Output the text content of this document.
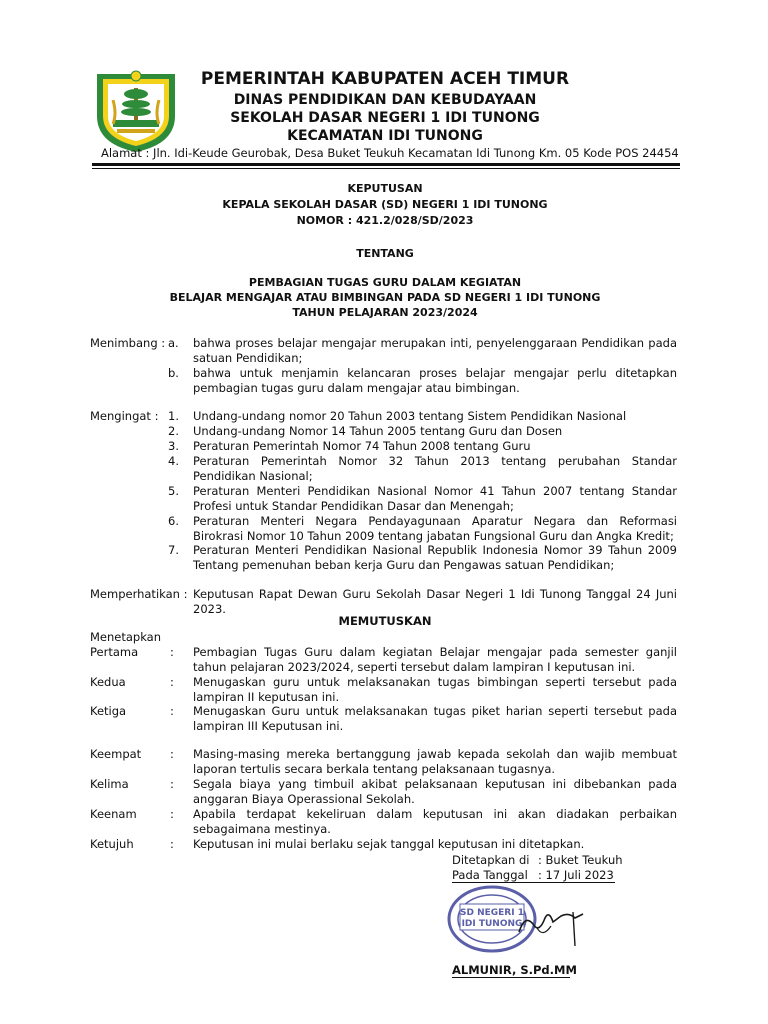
PEMERINTAH KABUPATEN ACEH TIMUR
DINAS PENDIDIKAN DAN KEBUDAYAAN
SEKOLAH DASAR NEGERI 1 IDI TUNONG
KECAMATAN IDI TUNONG
Alamat : Jln. Idi-Keude Geurobak, Desa Buket Teukuh Kecamatan Idi Tunong Km. 05 Kode POS 24454
KEPUTUSAN
KEPALA SEKOLAH DASAR (SD) NEGERI 1 IDI TUNONG
NOMOR : 421.2/028/SD/2023
TENTANG
PEMBAGIAN TUGAS GURU DALAM KEGIATAN
BELAJAR MENGAJAR ATAU BIMBINGAN PADA SD NEGERI 1 IDI TUNONG
TAHUN PELAJARAN 2023/2024
Menimbang : a. bahwa proses belajar mengajar merupakan inti, penyelenggaraan Pendidikan pada satuan Pendidikan;
b. bahwa untuk menjamin kelancaran proses belajar mengajar perlu ditetapkan pembagian tugas guru dalam mengajar atau bimbingan.
Mengingat : 1. Undang-undang nomor 20 Tahun 2003 tentang Sistem Pendidikan Nasional
2. Undang-undang Nomor 14 Tahun 2005 tentang Guru dan Dosen
3. Peraturan Pemerintah Nomor 74 Tahun 2008 tentang Guru
4. Peraturan Pemerintah Nomor 32 Tahun 2013 tentang perubahan Standar Pendidikan Nasional;
5. Peraturan Menteri Pendidikan Nasional Nomor 41 Tahun 2007 tentang Standar Profesi untuk Standar Pendidikan Dasar dan Menengah;
6. Peraturan Menteri Negara Pendayagunaan Aparatur Negara dan Reformasi Birokrasi Nomor 10 Tahun 2009 tentang jabatan Fungsional Guru dan Angka Kredit;
7. Peraturan Menteri Pendidikan Nasional Republik Indonesia Nomor 39 Tahun 2009 Tentang pemenuhan beban kerja Guru dan Pengawas satuan Pendidikan;
Memperhatikan : Keputusan Rapat Dewan Guru Sekolah Dasar Negeri 1 Idi Tunong Tanggal 24 Juni 2023.
MEMUTUSKAN
Menetapkan
Pertama	: Pembagian Tugas Guru dalam kegiatan Belajar mengajar pada semester ganjil tahun pelajaran 2023/2024, seperti tersebut dalam lampiran I keputusan ini.
Kedua	: Menugaskan guru untuk melaksanakan tugas bimbingan seperti tersebut pada lampiran II keputusan ini.
Ketiga	: Menugaskan Guru untuk melaksanakan tugas piket harian seperti tersebut pada lampiran III Keputusan ini.
Keempat	: Masing-masing mereka bertanggung jawab kepada sekolah dan wajib membuat laporan tertulis secara berkala tentang pelaksanaan tugasnya.
Kelima	: Segala biaya yang timbuil akibat pelaksanaan keputusan ini dibebankan pada anggaran Biaya Operassional Sekolah.
Keenam	: Apabila terdapat kekeliruan dalam keputusan ini akan diadakan perbaikan sebagaimana mestinya.
Ketujuh	: Keputusan ini mulai berlaku sejak tanggal keputusan ini ditetapkan.
Ditetapkan di : Buket Teukuh
Pada Tanggal : 17 Juli 2023
SD NEGERI 1
IDI TUNONG
ALMUNIR, S.Pd.MM
